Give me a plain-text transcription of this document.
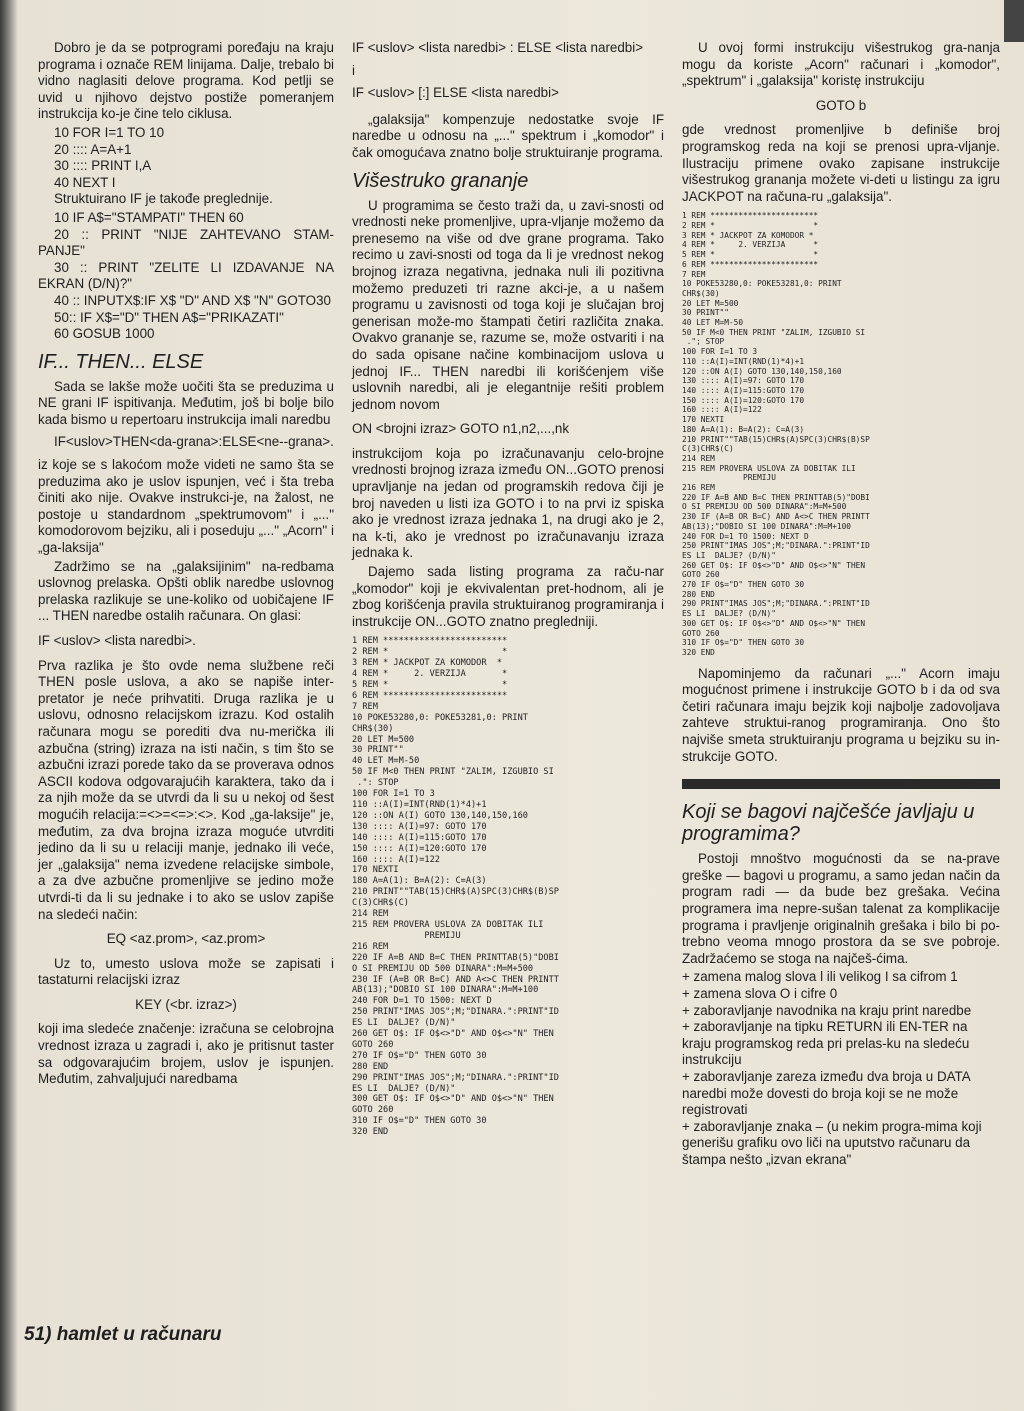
Dobro je da se potprogrami poređaju na kraju programa i označe REM linijama. Dalje, trebalo bi vidno naglasiti delove programa. Kod petlji se uvid u njihovo dejstvo postiže pomeranjem instrukcija ko-je čine telo ciklusa.

10 FOR I=1 TO 10

20 :::: A=A+1

30 :::: PRINT I,A

40 NEXT I

Struktuirano IF je takođe preglednije.

10 IF A$="STAMPATI" THEN 60

20 :: PRINT "NIJE ZAHTEVANO STAM-PANJE"

30 :: PRINT "ZELITE LI IZDAVANJE NA EKRAN (D/N)?"

40 :: INPUTX$:IF X$ "D" AND X$ "N" GOTO30

50:: IF X$="D" THEN A$="PRIKAZATI"

60 GOSUB 1000

IF... THEN... ELSE

Sada se lakše može uočiti šta se preduzima u NE grani IF ispitivanja. Međutim, još bi bolje bilo kada bismo u repertoaru instrukcija imali naredbu

IF<uslov>THEN<da-grana>:ELSE<ne--grana>.

iz koje se s lakoćom može videti ne samo šta se preduzima ako je uslov ispunjen, već i šta treba činiti ako nije. Ovakve instrukci-je, na žalost, ne postoje u standardnom „spektrumovom" i „..." komodorovom bejziku, ali i poseduju „..." „Acorn" i „ga-laksija"

Zadržimo se na „galaksijinim" na-redbama uslovnog prelaska. Opšti oblik naredbe uslovnog prelaska razlikuje se une-koliko od uobičajene IF ... THEN naredbe ostalih računara. On glasi:

IF <uslov> <lista naredbi>.

Prva razlika je što ovde nema službene reči THEN posle uslova, a ako se napiše inter-pretator je neće prihvatiti. Druga razlika je u uslovu, odnosno relacijskom izrazu. Kod ostalih računara mogu se porediti dva nu-merička ili azbučna (string) izraza na isti način, s tim što se azbučni izrazi porede tako da se proverava odnos ASCII kodova odgovarajućih karaktera, tako da i za njih može da se utvrdi da li su u nekoj od šest mogućih relacija:=<>=<=>:<>. Kod „ga-laksije" je, međutim, za dva brojna izraza moguće utvrditi jedino da li su u relaciji manje, jednako ili veće, jer „galaksija" nema izvedene relacijske simbole, a za dve azbučne promenljive se jedino može utvrdi-ti da li su jednake i to ako se uslov zapiše na sledeći način:

EQ <az.prom>, <az.prom>

Uz to, umesto uslova može se zapisati i tastaturni relacijski izraz

KEY (<br. izraz>)

koji ima sledeće značenje: izračuna se celobrojna vrednost izraza u zagradi i, ako je pritisnut taster sa odgovarajućim brojem, uslov je ispunjen. Međutim, zahvaljujući naredbama

IF <uslov> <lista naredbi> : ELSE <lista naredbi>

i

IF <uslov> [:] ELSE <lista naredbi>

„galaksija" kompenzuje nedostatke svoje IF naredbe u odnosu na „..." spektrum i „komodor" i čak omogućava znatno bolje struktuiranje programa.

Višestruko grananje

U programima se često traži da, u zavi-snosti od vrednosti neke promenljive, upra-vljanje možemo da prenesemo na više od dve grane programa. Tako recimo u zavi-snosti od toga da li je vrednost nekog brojnog izraza negativna, jednaka nuli ili pozitivna možemo preduzeti tri razne akci-je, a u našem programu u zavisnosti od toga koji je slučajan broj generisan može-mo štampati četiri različita znaka. Ovakvo grananje se, razume se, može ostvariti i na do sada opisane načine kombinacijom uslova u jednoj IF... THEN naredbi ili korišćenjem više uslovnih naredbi, ali je elegantnije rešiti problem jednom novom

ON <brojni izraz> GOTO n1,n2,...,nk

instrukcijom koja po izračunavanju celo-brojne vrednosti brojnog izraza između ON...GOTO prenosi upravljanje na jedan od programskih redova čiji je broj naveden u listi iza GOTO i to na prvi iz spiska ako je vrednost izraza jednaka 1, na drugi ako je 2, na k-ti, ako je vrednost po izračunavanju izraza jednaka k.

Dajemo sada listing programa za raču-nar „komodor" koji je ekvivalentan pret-hodnom, ali je zbog korišćenja pravila struktuiranog programiranja i instrukcije ON...GOTO znatno pregledniji.

1 REM ************************
2 REM *                      *
3 REM * JACKPOT ZA KOMODOR  *
4 REM *     2. VERZIJA       *
5 REM *                      *
6 REM ************************
7 REM
10 POKE53280,0: POKE53281,0: PRINT
CHR$(30)
20 LET M=500
30 PRINT""
40 LET M=M-50
50 IF M<0 THEN PRINT "ZALIM, IZGUBIO SI
.": STOP
100 FOR I=1 TO 3
110 ::A(I)=INT(RND(1)*4)+1
120 ::ON A(I) GOTO 130,140,150,160
130 :::: A(I)=97: GOTO 170
140 :::: A(I)=115:GOTO 170
150 :::: A(I)=120:GOTO 170
160 :::: A(I)=122
170 NEXTI
180 A=A(1): B=A(2): C=A(3)
210 PRINT""TAB(15)CHR$(A)SPC(3)CHR$(B)SP
C(3)CHR$(C)
214 REM
215 REM PROVERA USLOVA ZA DOBITAK ILI
PREMIJU
216 REM
220 IF A=B AND B=C THEN PRINTTAB(5)"DOBI
O SI PREMIJU OD 500 DINARA":M=M+500
230 IF (A=B OR B=C) AND A<>C THEN PRINTT
AB(13);"DOBIO SI 100 DINARA":M=M+100
240 FOR D=1 TO 1500: NEXT D
250 PRINT"IMAS JOS";M;"DINARA.":PRINT"ID
ES LI  DALJE? (D/N)"
260 GET O$: IF O$<>"D" AND O$<>"N" THEN
GOTO 260
270 IF O$="D" THEN GOTO 30
280 END
290 PRINT"IMAS JOS";M;"DINARA.":PRINT"ID
ES LI  DALJE? (D/N)"
300 GET O$: IF O$<>"D" AND O$<>"N" THEN
GOTO 260
310 IF O$="D" THEN GOTO 30
320 END

U ovoj formi instrukciju višestrukog gra-nanja mogu da koriste „Acorn" računari i „komodor", „spektrum" i „galaksija" koristę instrukciju

GOTO b

gde vrednost promenljive b definiše broj programskog reda na koji se prenosi upra-vljanje. Ilustraciju primene ovako zapisane instrukcije višestrukog grananja možete vi-deti u listingu za igru JACKPOT na računa-ru „galaksija".

1 REM ***********************
2 REM *                     *
3 REM * JACKPOT ZA KOMODOR *
4 REM *     2. VERZIJA      *
5 REM *                     *
6 REM ***********************
7 REM
10 POKE53280,0: POKE53281,0: PRINT
CHR$(30)
20 LET M=500
30 PRINT""
40 LET M=M-50
50 IF M<0 THEN PRINT "ZALIM, IZGUBIO SI
."; STOP
100 FOR I=1 TO 3
110 ::A(I)=INT(RND(1)*4)+1
120 ::ON A(I) GOTO 130,140,150,160
130 :::: A(I)=97: GOTO 170
140 :::: A(I)=115:GOTO 170
150 :::: A(I)=120:GOTO 170
160 :::: A(I)=122
170 NEXTI
180 A=A(1): B=A(2): C=A(3)
210 PRINT""TAB(15)CHR$(A)SPC(3)CHR$(B)SP
C(3)CHR$(C)
214 REM
215 REM PROVERA USLOVA ZA DOBITAK ILI
PREMIJU
216 REM
220 IF A=B AND B=C THEN PRINTTAB(5)"DOBI
O SI PREMIJU OD 500 DINARA":M=M+500
230 IF (A=B OR B=C) AND A<>C THEN PRINTT
AB(13);"DOBIO SI 100 DINARA":M=M+100
240 FOR D=1 TO 1500: NEXT D
250 PRINT"IMAS JOS";M;"DINARA.":PRINT"ID
ES LI  DALJE? (D/N)"
260 GET O$: IF O$<>"D" AND O$<>"N" THEN
GOTO 260
270 IF O$="D" THEN GOTO 30
280 END
290 PRINT"IMAS JOS";M;"DINARA.":PRINT"ID
ES LI  DALJE? (D/N)"
300 GET O$: IF O$<>"D" AND O$<>"N" THEN
GOTO 260
310 IF O$="D" THEN GOTO 30
320 END

Napominjemo da računari „..." Acorn imaju mogućnost primene i instrukcije GOTO b i da od sva četiri računara imaju bejzik koji najbolje zadovoljava zahteve struktui-ranog programiranja. Ono što najviše smeta struktuiranju programa u bejziku su in-strukcije GOTO.

Koji se bagovi najčešće javljaju u programima?

Postoji mnoštvo mogućnosti da se na-prave greške — bagovi u programu, a samo jedan način da program radi — da bude bez grešaka. Većina programera ima nepre-sušan talenat za komplikacije programa i pravljenje originalnih grešaka i bilo bi po-trebno veoma mnogo prostora da se sve pobroje. Zadržaćemo se stoga na najčeš-ćima.

+ zamena malog slova l ili velikog I sa cifrom 1
+ zamena slova O i cifre 0
+ zaboravljanje navodnika na kraju print naredbe
+ zaboravljanje na tipku RETURN ili EN-TER na kraju programskog reda pri prelas-ku na sledeću instrukciju
+ zaboravljanje zareza između dva broja u DATA naredbi može dovesti do broja koji se ne može registrovati
+ zaboravljanje znaka – (u nekim progra-mima koji generišu grafiku ovo liči na uputstvo računaru da štampa nešto „izvan ekrana"
51) hamlet u računaru
